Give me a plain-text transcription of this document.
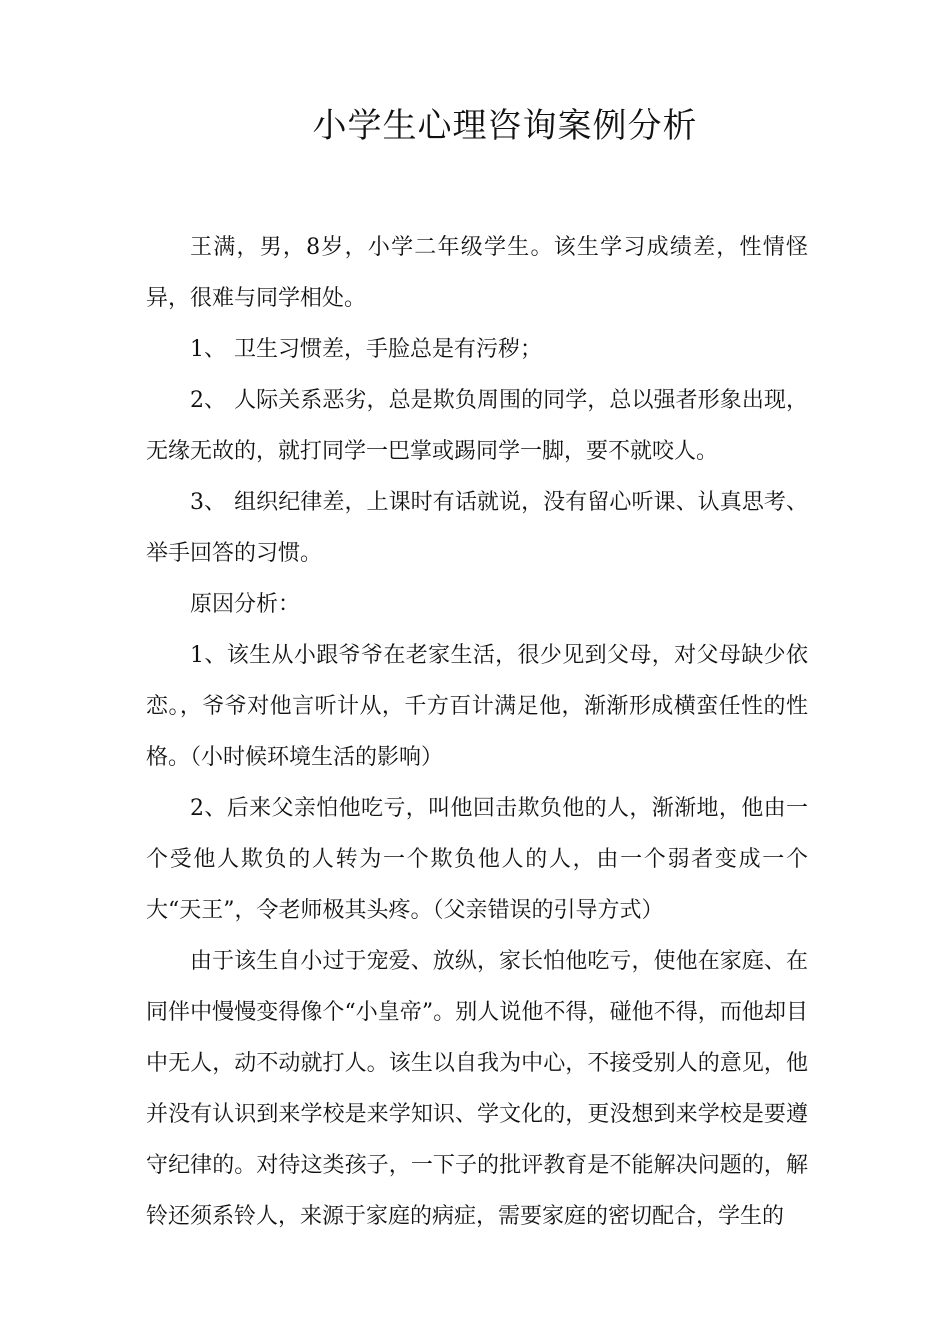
小学生心理咨询案例分析

王满，男，8岁，小学二年级学生。该生学习成绩差，性情怪异，很难与同学相处。

1、 卫生习惯差，手脸总是有污秽；

2、 人际关系恶劣，总是欺负周围的同学，总以强者形象出现，无缘无故的，就打同学一巴掌或踢同学一脚，要不就咬人。

3、 组织纪律差，上课时有话就说，没有留心听课、认真思考、举手回答的习惯。

原因分析：

1、该生从小跟爷爷在老家生活，很少见到父母，对父母缺少依恋。，爷爷对他言听计从，千方百计满足他，渐渐形成横蛮任性的性格。（小时候环境生活的影响）

2、后来父亲怕他吃亏，叫他回击欺负他的人，渐渐地，他由一个受他人欺负的人转为一个欺负他人的人，由一个弱者变成一个大“天王”，令老师极其头疼。（父亲错误的引导方式）

由于该生自小过于宠爱、放纵，家长怕他吃亏，使他在家庭、在同伴中慢慢变得像个“小皇帝”。别人说他不得，碰他不得，而他却目中无人，动不动就打人。该生以自我为中心，不接受别人的意见，他并没有认识到来学校是来学知识、学文化的，更没想到来学校是要遵守纪律的。对待这类孩子，一下子的批评教育是不能解决问题的，解铃还须系铃人，来源于家庭的病症，需要家庭的密切配合，学生的
